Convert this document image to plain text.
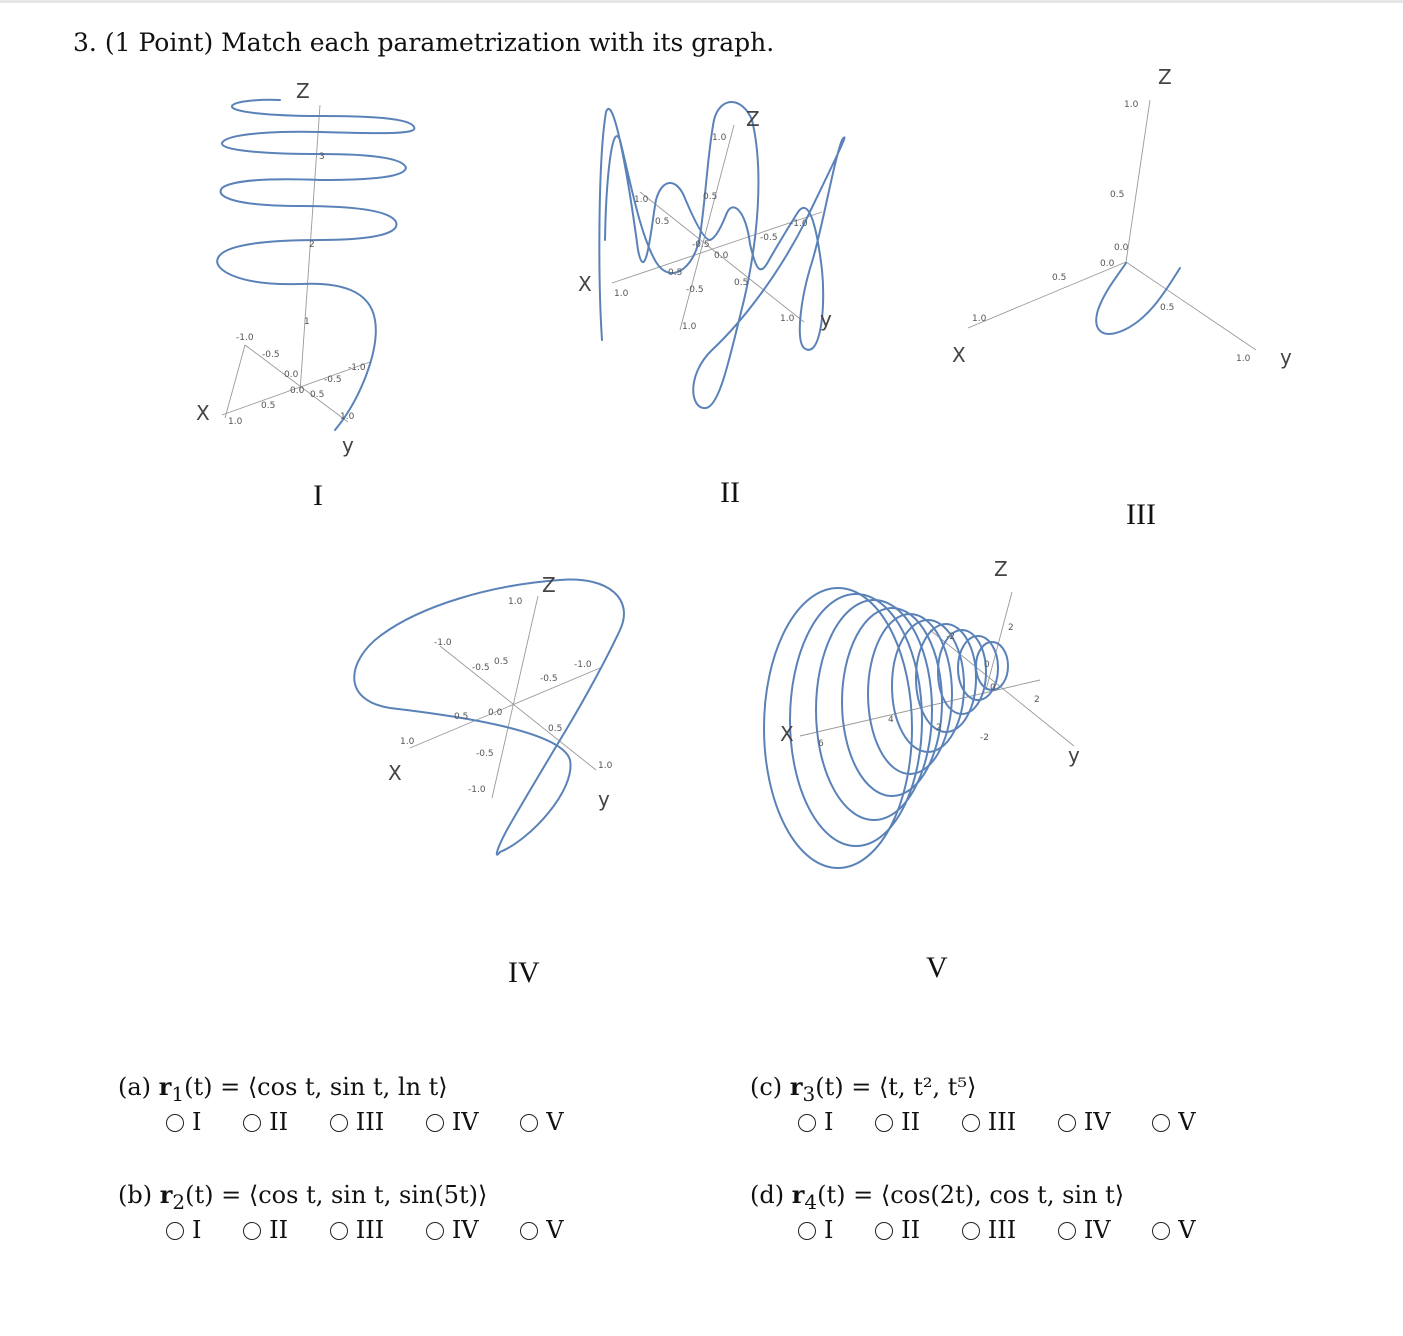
3. (1 Point) Match each parametrization with its graph.
-1.0
-0.5
0.0
0.5
1.0
-1.0
-0.5
0.0 0.5
1.0
1
2
3
Z
X
y
I
1.0
0.5
-0.5
1.0
1.0
0.5
0.0
-0.5
-1.0
0.5
1.0
0.5
-0.5
1.0
Z
X
y
II
1.0
0.5
0.0
0.0
0.5
1.0
0.5
1.0
Z
X	y
III
-1.0
-0.5
0.5
1.0
1.0
0.5
0.0
-0.5
-1.0
-1.0
-0.5
0.5
1.0
Z
X
y
IV
-2
0
2
4
6
2
-2
2
0
Z
X
y
V
(a) $r_1(t)$ = ⟨cos t, sin t, ln t⟩
I	II	III	IV	V
(b) $r_2(t)$ = ⟨cos t, sin t, sin(5t)⟩
I	II	III	IV	V
(c) $r_3(t)$ = ⟨t, t², t⁵⟩
I	II	III	IV	V
(d) $r_4(t)$ = ⟨cos(2t), cos t, sin t⟩
I	II	III	IV	V
